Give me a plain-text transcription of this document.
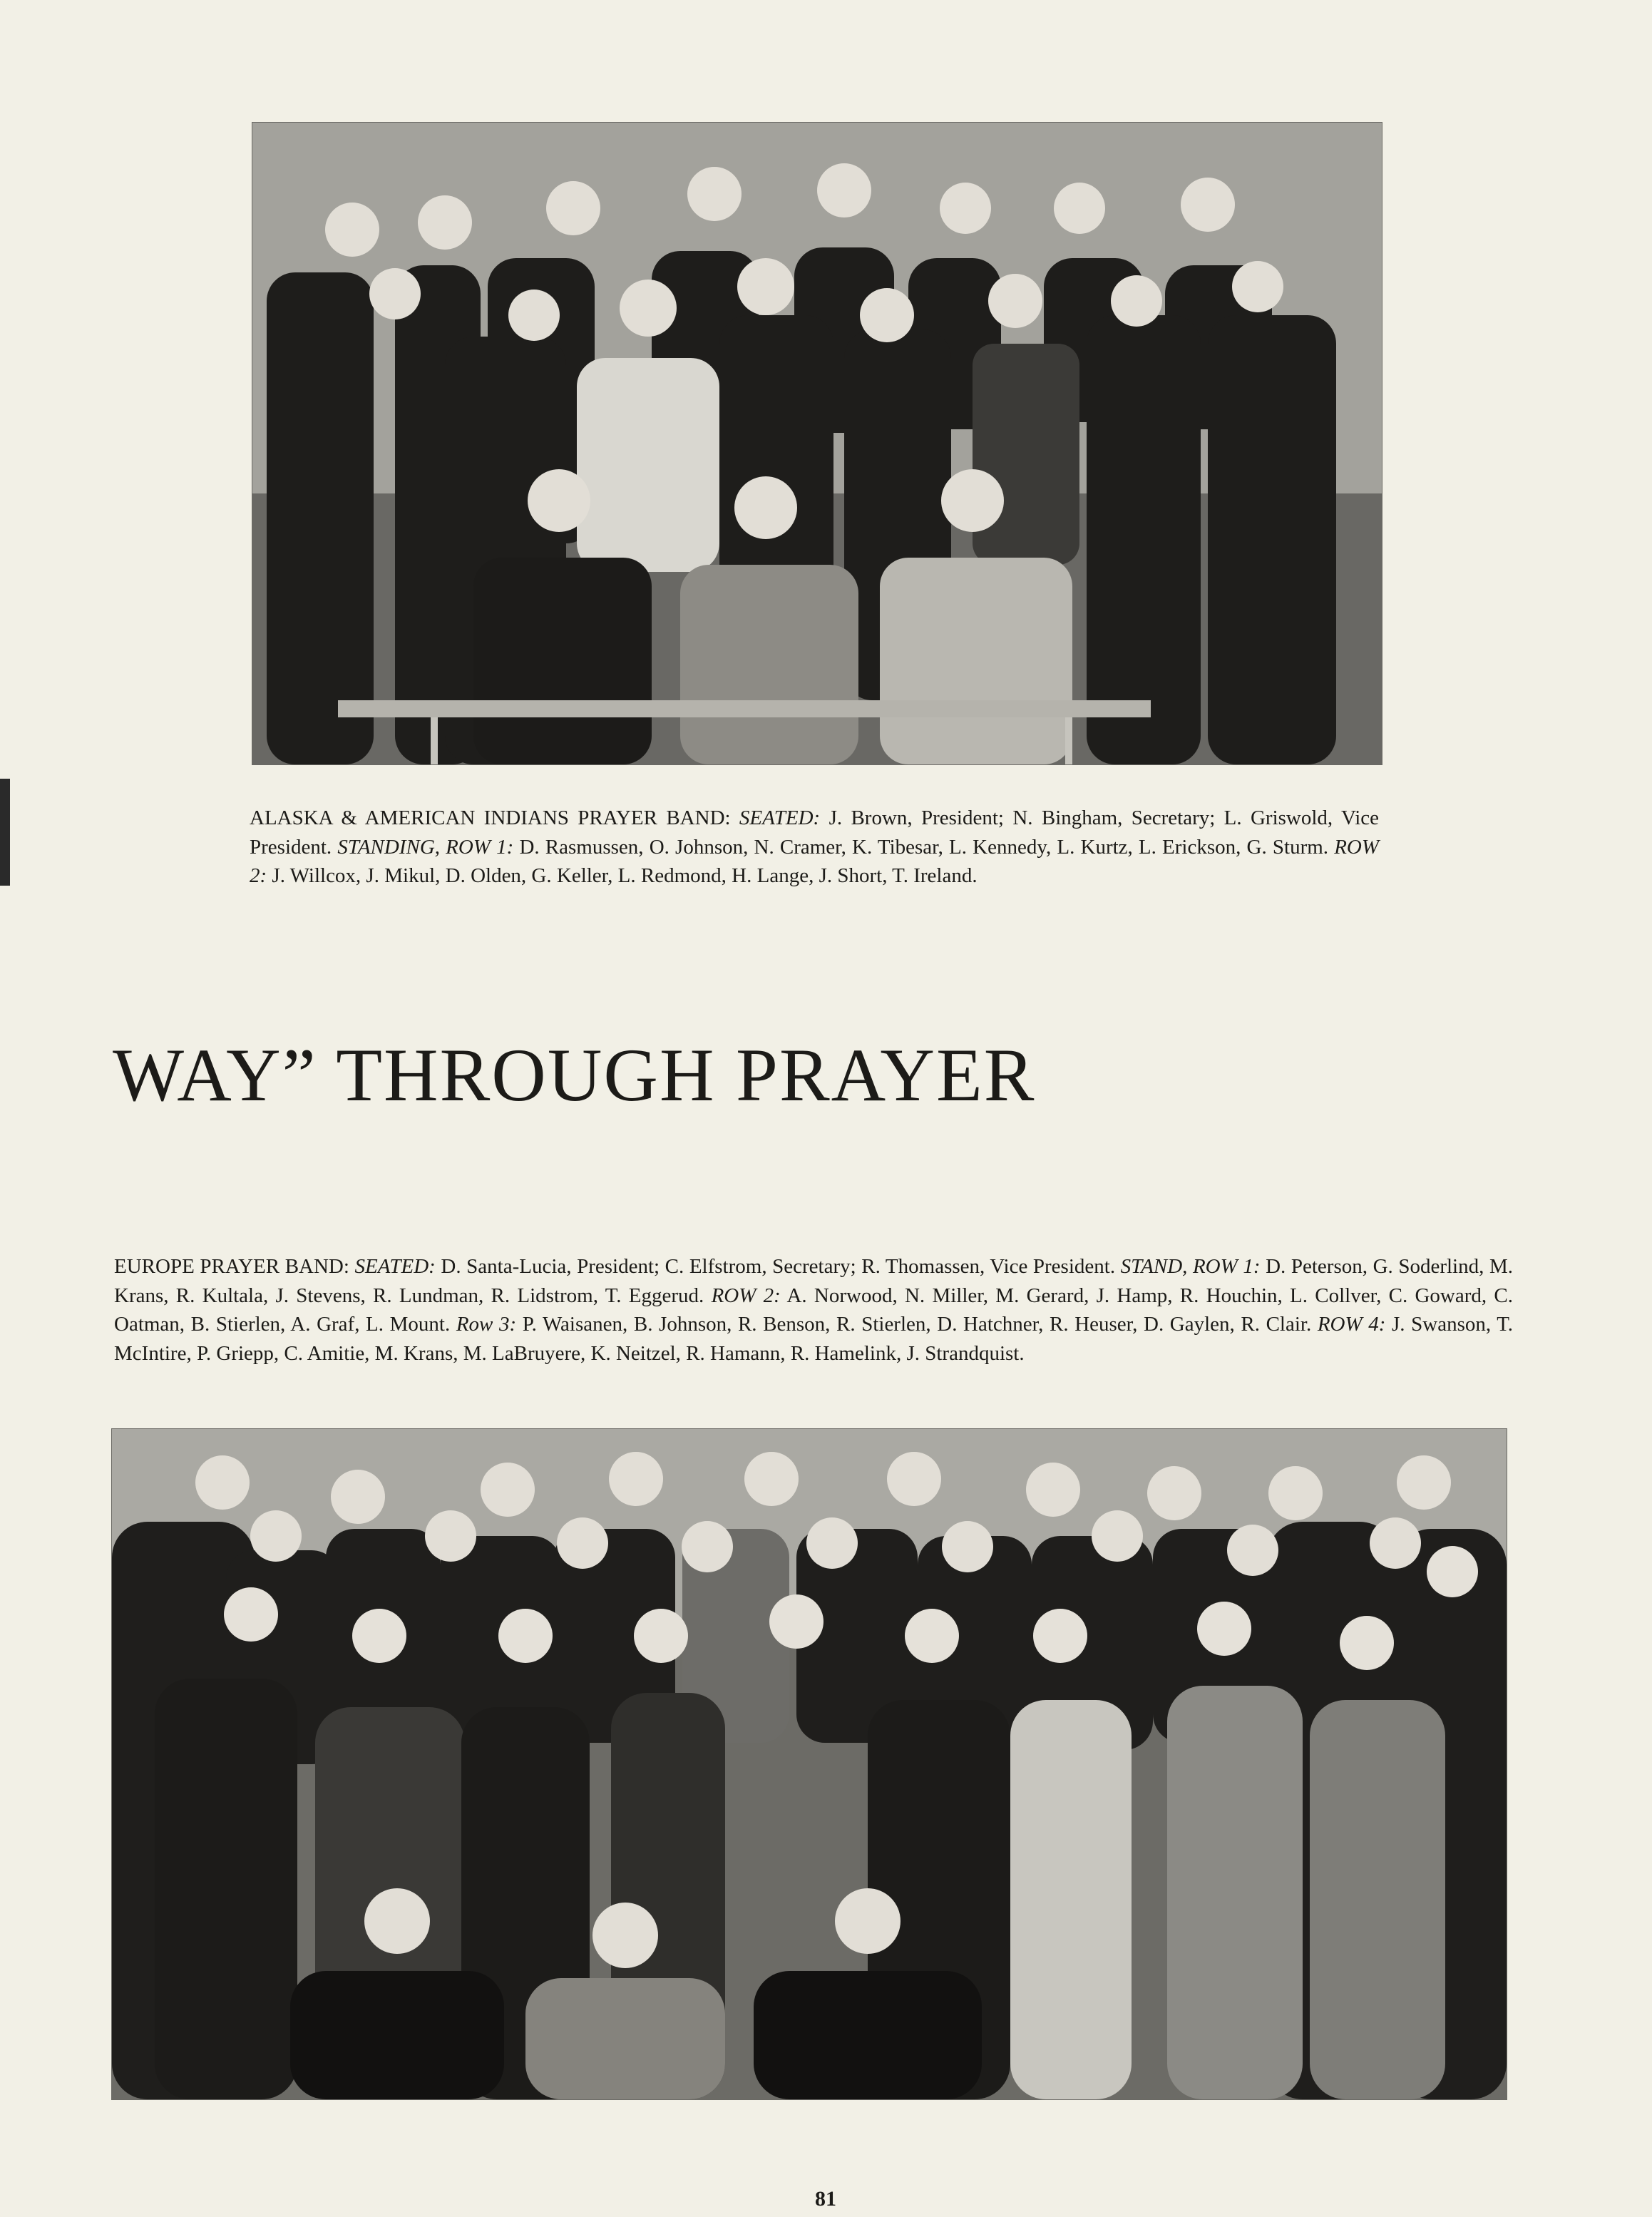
ALASKA & AMERICAN INDIANS PRAYER BAND: SEATED: J. Brown, President; N. Bingham, Secretary; L. Griswold, Vice President. STANDING, ROW 1: D. Rasmussen, O. Johnson, N. Cramer, K. Tibesar, L. Kennedy, L. Kurtz, L. Erickson, G. Sturm. ROW 2: J. Willcox, J. Mikul, D. Olden, G. Keller, L. Redmond, H. Lange, J. Short, T. Ireland.

WAY” THROUGH PRAYER

EUROPE PRAYER BAND: SEATED: D. Santa-Lucia, President; C. Elfstrom, Secretary; R. Thomassen, Vice President. STAND, ROW 1: D. Peterson, G. Soderlind, M. Krans, R. Kultala, J. Stevens, R. Lundman, R. Lidstrom, T. Eggerud. ROW 2: A. Norwood, N. Miller, M. Gerard, J. Hamp, R. Houchin, L. Collver, C. Goward, C. Oatman, B. Stierlen, A. Graf, L. Mount. Row 3: P. Waisanen, B. Johnson, R. Benson, R. Stierlen, D. Hatchner, R. Heuser, D. Gaylen, R. Clair. ROW 4: J. Swanson, T. McIntire, P. Griepp, C. Amitie, M. Krans, M. LaBruyere, K. Neitzel, R. Hamann, R. Hamelink, J. Strandquist.

81
